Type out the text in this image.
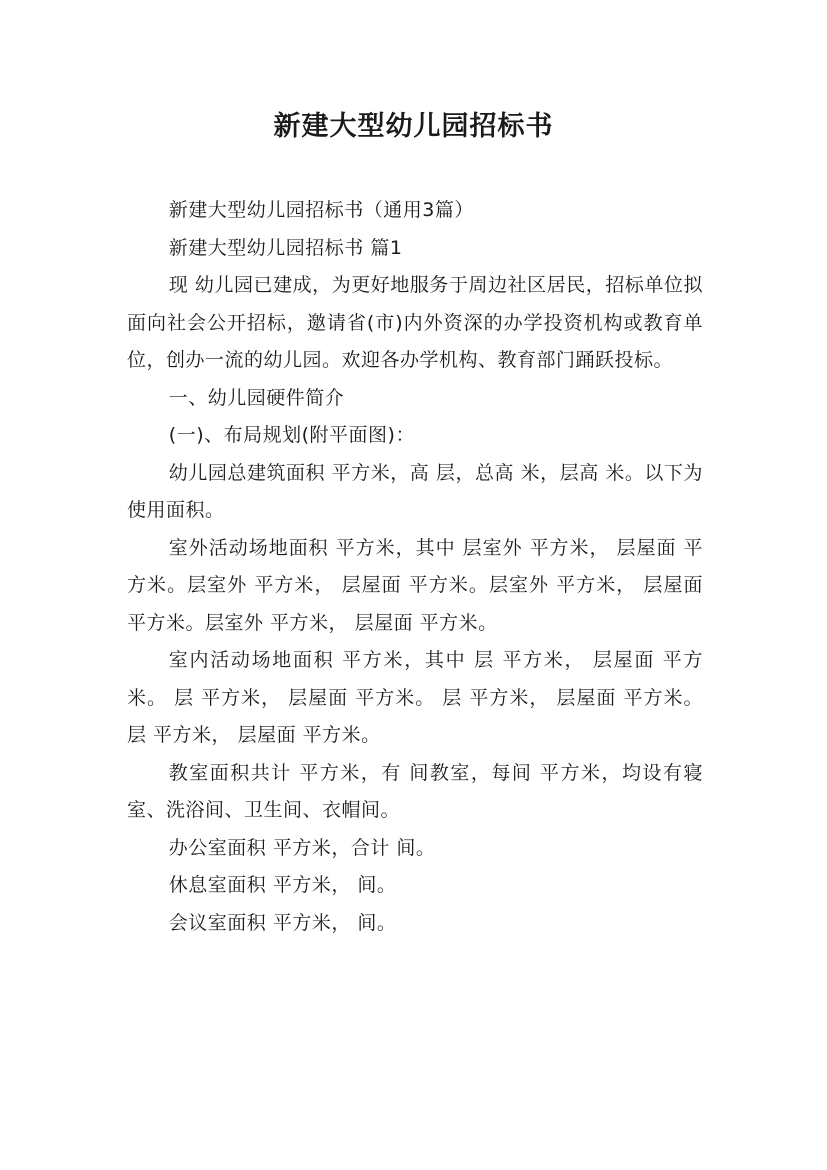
新建大型幼儿园招标书

新建大型幼儿园招标书（通用3篇）

新建大型幼儿园招标书 篇1

现 幼儿园已建成，为更好地服务于周边社区居民，招标单位拟面向社会公开招标，邀请省(市)内外资深的办学投资机构或教育单位，创办一流的幼儿园。欢迎各办学机构、教育部门踊跃投标。

一、幼儿园硬件简介

(一)、布局规划(附平面图)：

幼儿园总建筑面积 平方米，高 层，总高 米，层高 米。以下为使用面积。

室外活动场地面积 平方米，其中 层室外 平方米， 层屋面 平方米。层室外 平方米， 层屋面 平方米。层室外 平方米， 层屋面 平方米。层室外 平方米， 层屋面 平方米。

室内活动场地面积 平方米，其中 层 平方米， 层屋面 平方米。 层 平方米， 层屋面 平方米。 层 平方米， 层屋面 平方米。 层 平方米， 层屋面 平方米。

教室面积共计 平方米，有 间教室，每间 平方米，均设有寝室、洗浴间、卫生间、衣帽间。

办公室面积 平方米，合计 间。

休息室面积 平方米， 间。

会议室面积 平方米， 间。
